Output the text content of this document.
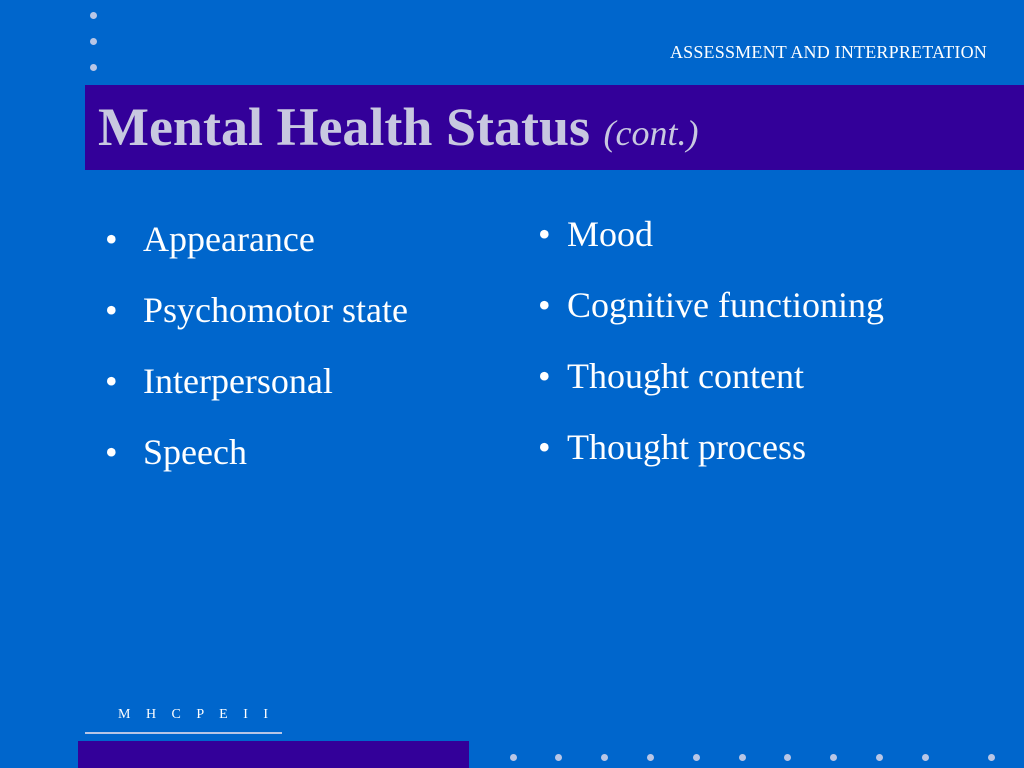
ASSESSMENT AND INTERPRETATION
Mental Health Status (cont.)
• Appearance
• Psychomotor state
• Interpersonal
• Speech
• Mood
• Cognitive functioning
• Thought content
• Thought process
M H C P E I I
